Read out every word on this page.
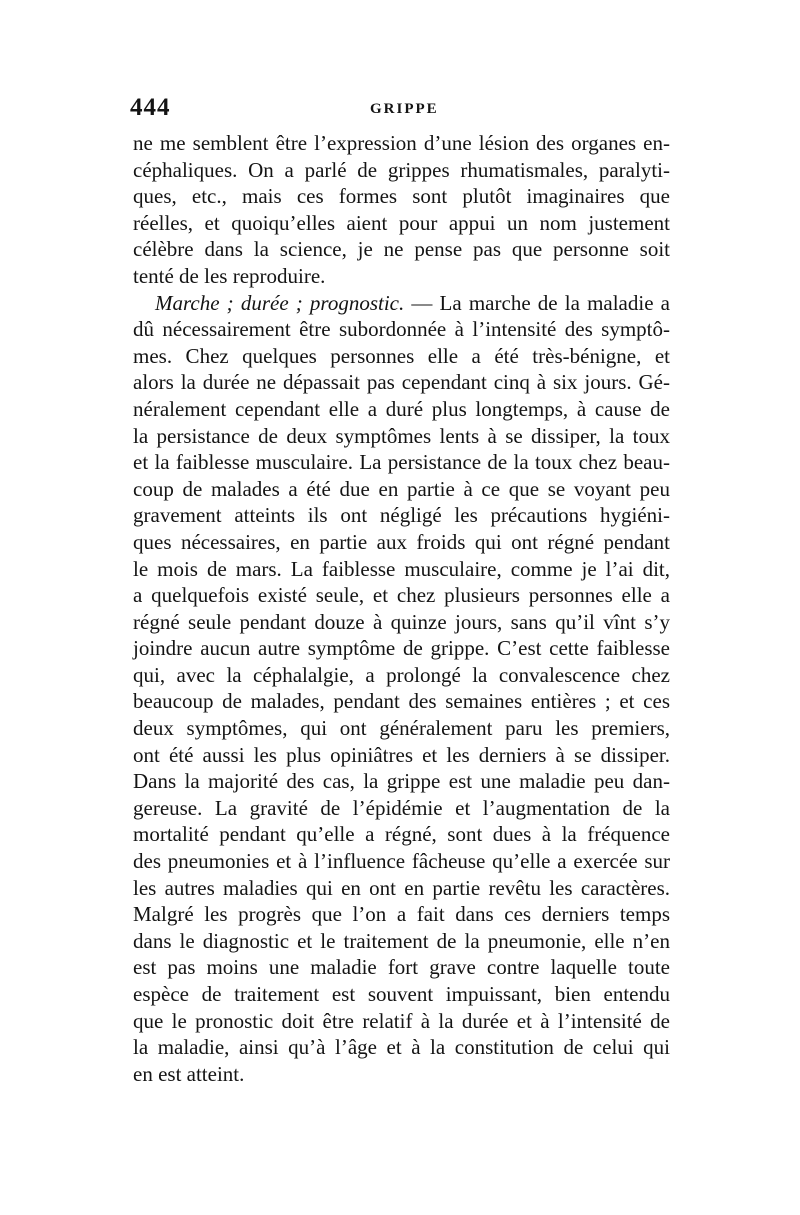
444	GRIPPE
ne me semblent être l’expression d’une lésion des organes en-
céphaliques. On a parlé de grippes rhumatismales, paralyti-
ques, etc., mais ces formes sont plutôt imaginaires que
réelles, et quoiqu’elles aient pour appui un nom justement
célèbre dans la science, je ne pense pas que personne soit
tenté de les reproduire.
Marche ; durée ; prognostic. — La marche de la maladie a
dû nécessairement être subordonnée à l’intensité des symptô-
mes. Chez quelques personnes elle a été très-bénigne, et
alors la durée ne dépassait pas cependant cinq à six jours. Gé-
néralement cependant elle a duré plus longtemps, à cause de
la persistance de deux symptômes lents à se dissiper, la toux
et la faiblesse musculaire. La persistance de la toux chez beau-
coup de malades a été due en partie à ce que se voyant peu
gravement atteints ils ont négligé les précautions hygiéni-
ques nécessaires, en partie aux froids qui ont régné pendant
le mois de mars. La faiblesse musculaire, comme je l’ai dit,
a quelquefois existé seule, et chez plusieurs personnes elle a
régné seule pendant douze à quinze jours, sans qu’il vînt s’y
joindre aucun autre symptôme de grippe. C’est cette faiblesse
qui, avec la céphalalgie, a prolongé la convalescence chez
beaucoup de malades, pendant des semaines entières ; et ces
deux symptômes, qui ont généralement paru les premiers,
ont été aussi les plus opiniâtres et les derniers à se dissiper.
Dans la majorité des cas, la grippe est une maladie peu dan-
gereuse. La gravité de l’épidémie et l’augmentation de la
mortalité pendant qu’elle a régné, sont dues à la fréquence
des pneumonies et à l’influence fâcheuse qu’elle a exercée sur
les autres maladies qui en ont en partie revêtu les caractères.
Malgré les progrès que l’on a fait dans ces derniers temps
dans le diagnostic et le traitement de la pneumonie, elle n’en
est pas moins une maladie fort grave contre laquelle toute
espèce de traitement est souvent impuissant, bien entendu
que le pronostic doit être relatif à la durée et à l’intensité de
la maladie, ainsi qu’à l’âge et à la constitution de celui qui
en est atteint.
